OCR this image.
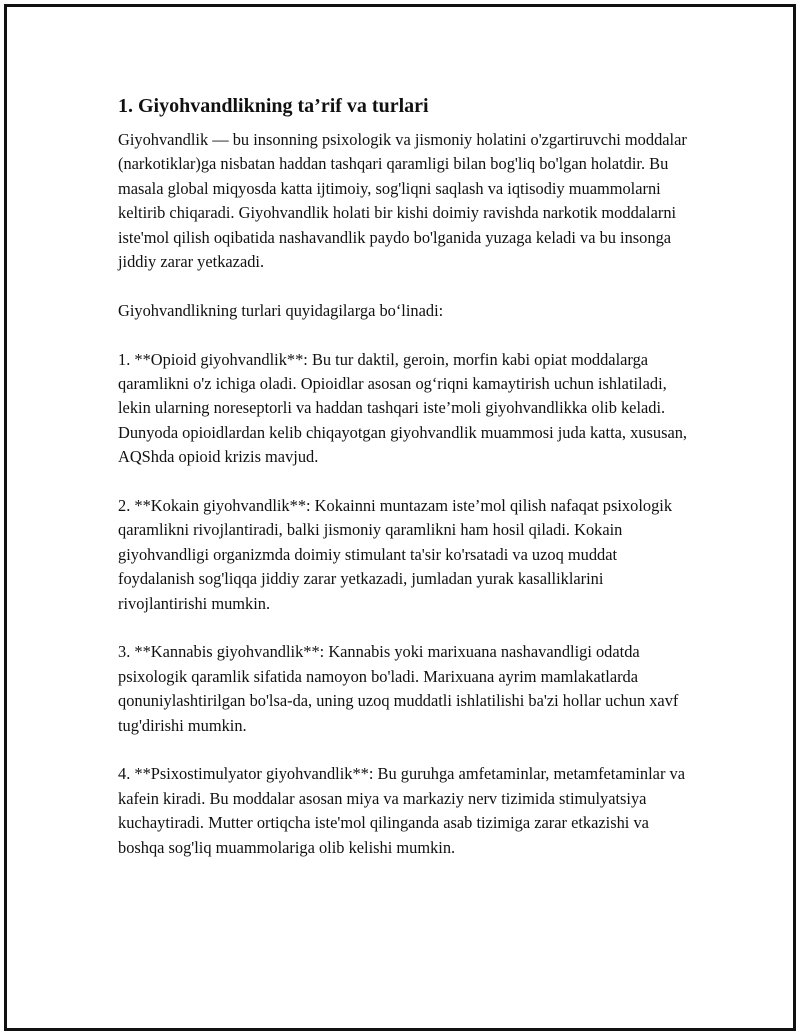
1. Giyohvandlikning ta’rif va turlari

Giyohvandlik — bu insonning psixologik va jismoniy holatini o'zgartiruvchi moddalar (narkotiklar)ga nisbatan haddan tashqari qaramligi bilan bog'liq bo'lgan holatdir. Bu masala global miqyosda katta ijtimoiy, sog'liqni saqlash va iqtisodiy muammolarni keltirib chiqaradi. Giyohvandlik holati bir kishi doimiy ravishda narkotik moddalarni iste'mol qilish oqibatida nashavandlik paydo bo'lganida yuzaga keladi va bu insonga jiddiy zarar yetkazadi.

Giyohvandlikning turlari quyidagilarga boʻlinadi:

1. **Opioid giyohvandlik**: Bu tur daktil, geroin, morfin kabi opiat moddalarga qaramlikni o'z ichiga oladi. Opioidlar asosan ogʻriqni kamaytirish uchun ishlatiladi, lekin ularning noreseptorli va haddan tashqari iste’moli giyohvandlikka olib keladi. Dunyoda opioidlardan kelib chiqayotgan giyohvandlik muammosi juda katta, xususan, AQShda opioid krizis mavjud.

2. **Kokain giyohvandlik**: Kokainni muntazam iste’mol qilish nafaqat psixologik qaramlikni rivojlantiradi, balki jismoniy qaramlikni ham hosil qiladi. Kokain giyohvandligi organizmda doimiy stimulant ta'sir ko'rsatadi va uzoq muddat foydalanish sog'liqqa jiddiy zarar yetkazadi, jumladan yurak kasalliklarini rivojlantirishi mumkin.

3. **Kannabis giyohvandlik**: Kannabis yoki marixuana nashavandligi odatda psixologik qaramlik sifatida namoyon bo'ladi. Marixuana ayrim mamlakatlarda qonuniylashtirilgan bo'lsa-da, uning uzoq muddatli ishlatilishi ba'zi hollar uchun xavf tug'dirishi mumkin.

4. **Psixostimulyator giyohvandlik**: Bu guruhga amfetaminlar, metamfetaminlar va kafein kiradi. Bu moddalar asosan miya va markaziy nerv tizimida stimulyatsiya kuchaytiradi. Mutter ortiqcha iste'mol qilinganda asab tizimiga zarar etkazishi va boshqa sog'liq muammolariga olib kelishi mumkin.
